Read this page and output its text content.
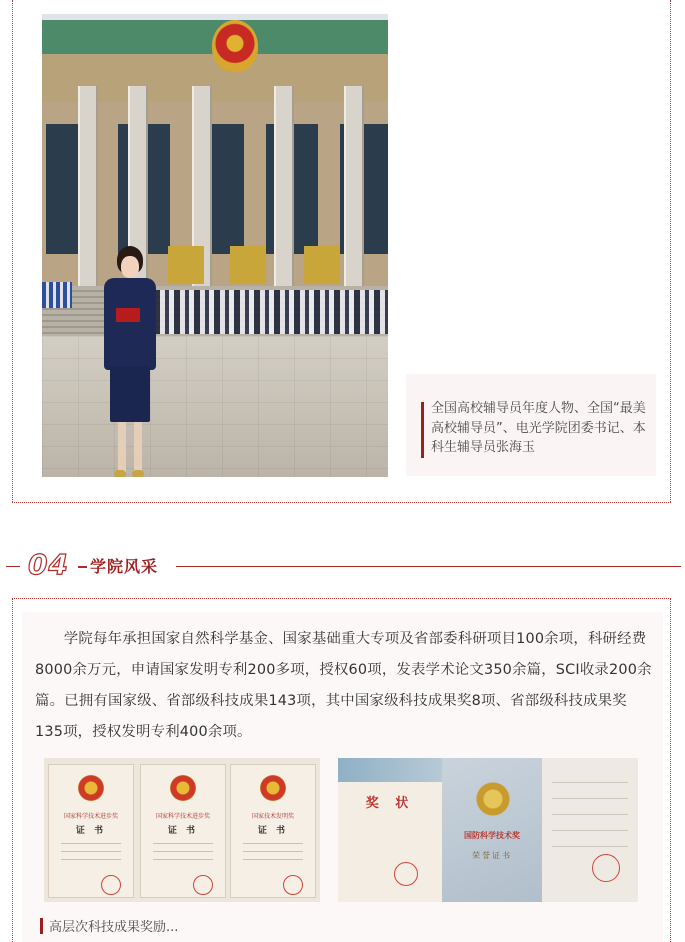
全国高校辅导员年度人物、全国“最美高校辅导员”、电光学院团委书记、本科生辅导员张海玉
04 学院风采
学院每年承担国家自然科学基金、国家基础重大专项及省部委科研项目100余项，科研经费8000余万元，申请国家发明专利200多项，授权60项，发表学术论文350余篇，SCI收录200余篇。已拥有国家级、省部级科技成果143项，其中国家级科技成果奖8项、省部级科技成果奖135项，授权发明专利400余项。
国家科学技术进步奖
证 书
国家科学技术进步奖
证 书
国家技术发明奖
证 书
奖 状
国防科学技术奖
荣誉证书
高层次科技成果奖励...
